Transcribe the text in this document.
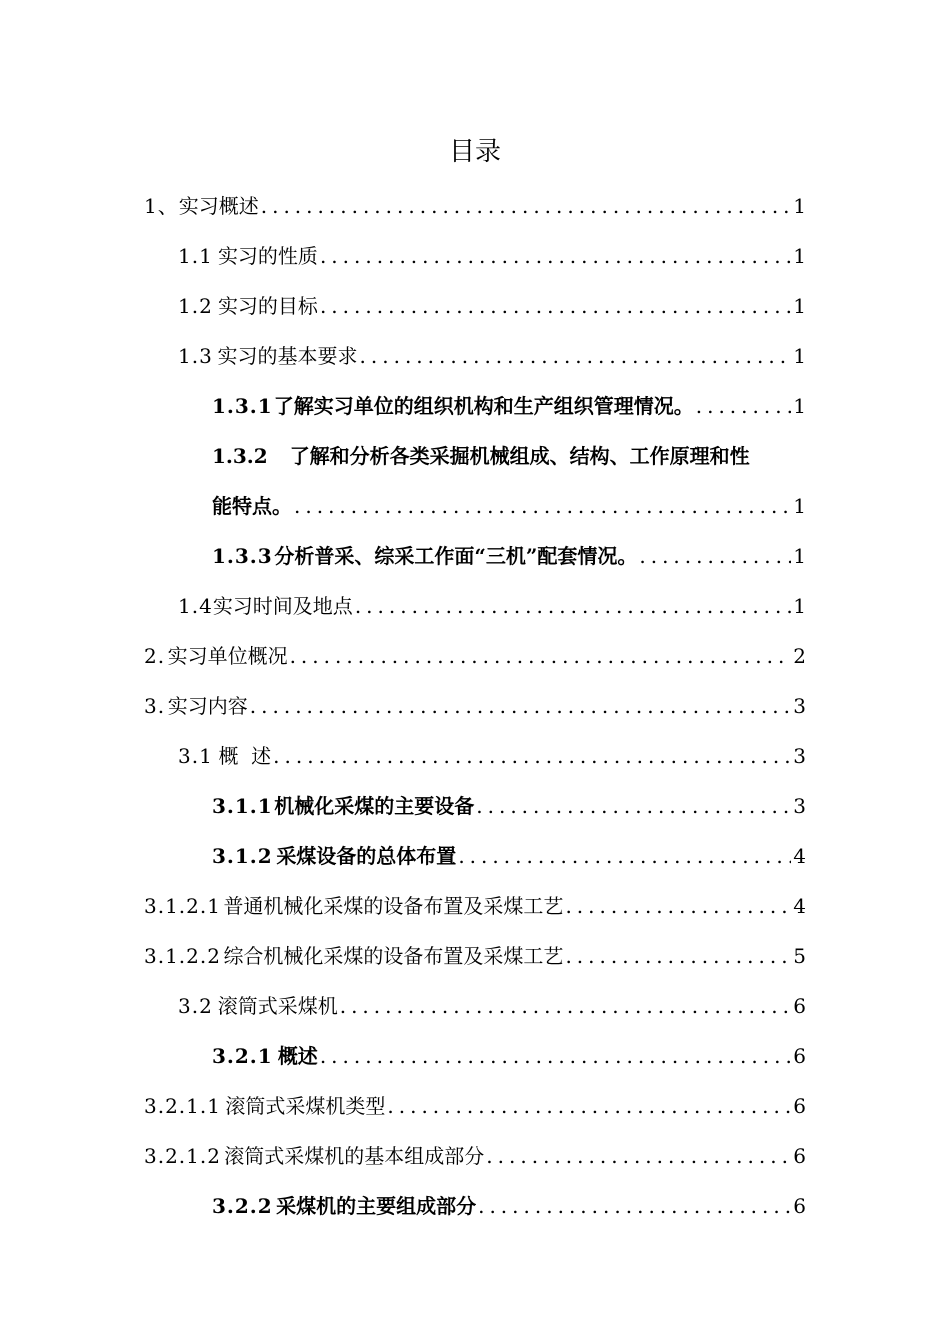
目录
1、 实习概述 .....	1
1.1 实习的性质 .....	1
1.2 实习的目标 .....	1
1.3 实习的基本要求 .....	1
1.3.1 了解实习单位的组织机构和生产组织管理情况。 .....	1
1.3.2 了解和分析各类采掘机械组成、结构、工作原理和性
能特点。 .....	1
1.3.3 分析普采、综采工作面“三机”配套情况。 .....	1
1.4 实习时间及地点 .....	1
2. 实习单位概况 .....	2
3. 实习内容 .....	3
3.1 概  述 .....	3
3.1.1 机械化采煤的主要设备 .....	3
3.1.2 采煤设备的总体布置 .....	4
3.1.2.1 普通机械化采煤的设备布置及采煤工艺 .....	4
3.1.2.2 综合机械化采煤的设备布置及采煤工艺 .....	5
3.2 滚筒式采煤机 .....	6
3.2.1 概述 .....	6
3.2.1.1 滚筒式采煤机类型 .....	6
3.2.1.2 滚筒式采煤机的基本组成部分 .....	6
3.2.2 采煤机的主要组成部分 .....	6
